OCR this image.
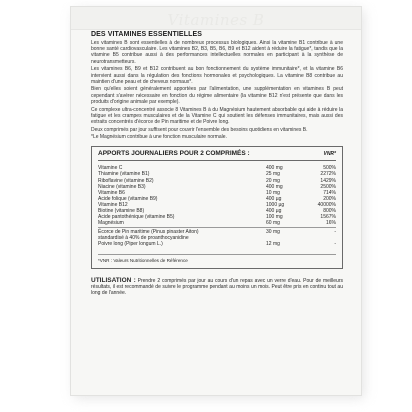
Vitamines B
DES VITAMINES ESSENTIELLES

Les vitamines B sont essentielles à de nombreux processus biologiques. Ainsi la vitamine B1 contribue à une bonne santé cardiovasculaire. Les vitamines B2, B3, B5, B6, B9 et B12 aident à réduire la fatigue*, tandis que la vitamine B5 contribue aussi à des performances intellectuelles normales en participant à la synthèse de neurotransmetteurs.

Les vitamines B6, B9 et B12 contribuent au bon fonctionnement du système immunitaire*, et la vitamine B6 intervient aussi dans la régulation des fonctions hormonales et psychologiques. La vitamine B8 contribue au maintien d'une peau et de cheveux normaux*.

Bien qu'elles soient généralement apportées par l'alimentation, une supplémentation en vitamines B peut cependant s'avérer nécessaire en fonction du régime alimentaire (la vitamine B12 n'est présente que dans les produits d'origine animale par exemple).

Ce complexe ultra-concentré associe 8 Vitamines B à du Magnésium hautement absorbable qui aide à réduire la fatigue et les crampes musculaires et de la Vitamine C qui soutient les défenses immunitaires, mais aussi des extraits concentrés d'écorce de Pin maritime et de Poivre long.

Deux comprimés par jour suffisent pour couvrir l'ensemble des besoins quotidiens en vitamines B.

*Le Magnésium contribue à une fonction musculaire normale.

APPORTS JOURNALIERS POUR 2 COMPRIMÉS :	VNR*
Vitamine C	400 mg	500%
Thiamine (vitamine B1)	25 mg	2272%
Riboflavine (vitamine B2)	20 mg	1429%
Niacine (vitamine B3)	400 mg	2500%
Vitamine B6	10 mg	714%
Acide folique (vitamine B9)	400 µg	200%
Vitamine B12	1000 µg	40000%
Biotine (vitamine B8)	400 µg	800%
Acide pantothénique (vitamine B5)	100 mg	1567%
Magnésium	60 mg	16%
Écorce de Pin maritime (Pinus pinaster Aiton)	30 mg	-
standardisé à 40% de proanthocyanidine
Poivre long (Piper longum L.)	12 mg	-
*VNR : Valeurs Nutritionnelles de Référence
UTILISATION : Prendre 2 comprimés par jour au cours d'un repas avec un verre d'eau. Pour de meilleurs résultats, il est recommandé de suivre le programme pendant au moins un mois. Peut être pris en continu tout au long de l'année.
